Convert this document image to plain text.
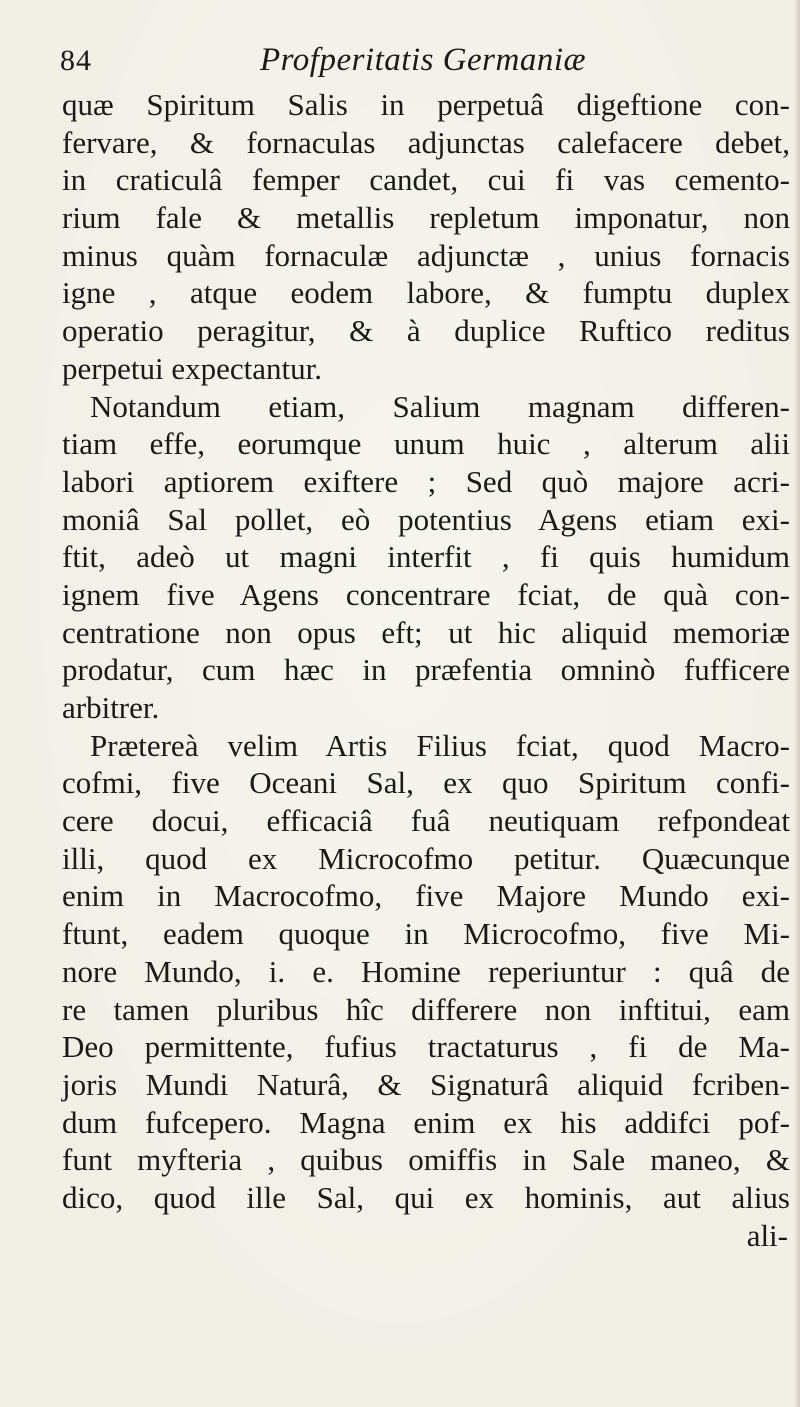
84	Profperitatis Germaniæ
quæ Spiritum Salis in perpetuâ digeftione con-
fervare, & fornaculas adjunctas calefacere debet,
in craticulâ femper candet, cui fi vas cemento-
rium fale & metallis repletum imponatur, non
minus quàm fornaculæ adjunctæ , unius fornacis
igne , atque eodem labore, & fumptu duplex
operatio peragitur, & à duplice Ruftico reditus
perpetui expectantur.
Notandum etiam, Salium magnam differen-
tiam effe, eorumque unum huic , alterum alii
labori aptiorem exiftere ; Sed quò majore acri-
moniâ Sal pollet, eò potentius Agens etiam exi-
ftit, adeò ut magni interfit , fi quis humidum
ignem five Agens concentrare fciat, de quà con-
centratione non opus eft; ut hic aliquid memoriæ
prodatur, cum hæc in præfentia omninò fufficere
arbitrer.
Prætereà velim Artis Filius fciat, quod Macro-
cofmi, five Oceani Sal, ex quo Spiritum confi-
cere docui, efficaciâ fuâ neutiquam refpondeat
illi, quod ex Microcofmo petitur. Quæcunque
enim in Macrocofmo, five Majore Mundo exi-
ftunt, eadem quoque in Microcofmo, five Mi-
nore Mundo, i. e. Homine reperiuntur : quâ de
re tamen pluribus hîc differere non inftitui, eam
Deo permittente, fufius tractaturus , fi de Ma-
joris Mundi Naturâ, & Signaturâ aliquid fcriben-
dum fufcepero. Magna enim ex his addifci pof-
funt myfteria , quibus omiffis in Sale maneo, &
dico, quod ille Sal, qui ex hominis, aut alius
ali-
